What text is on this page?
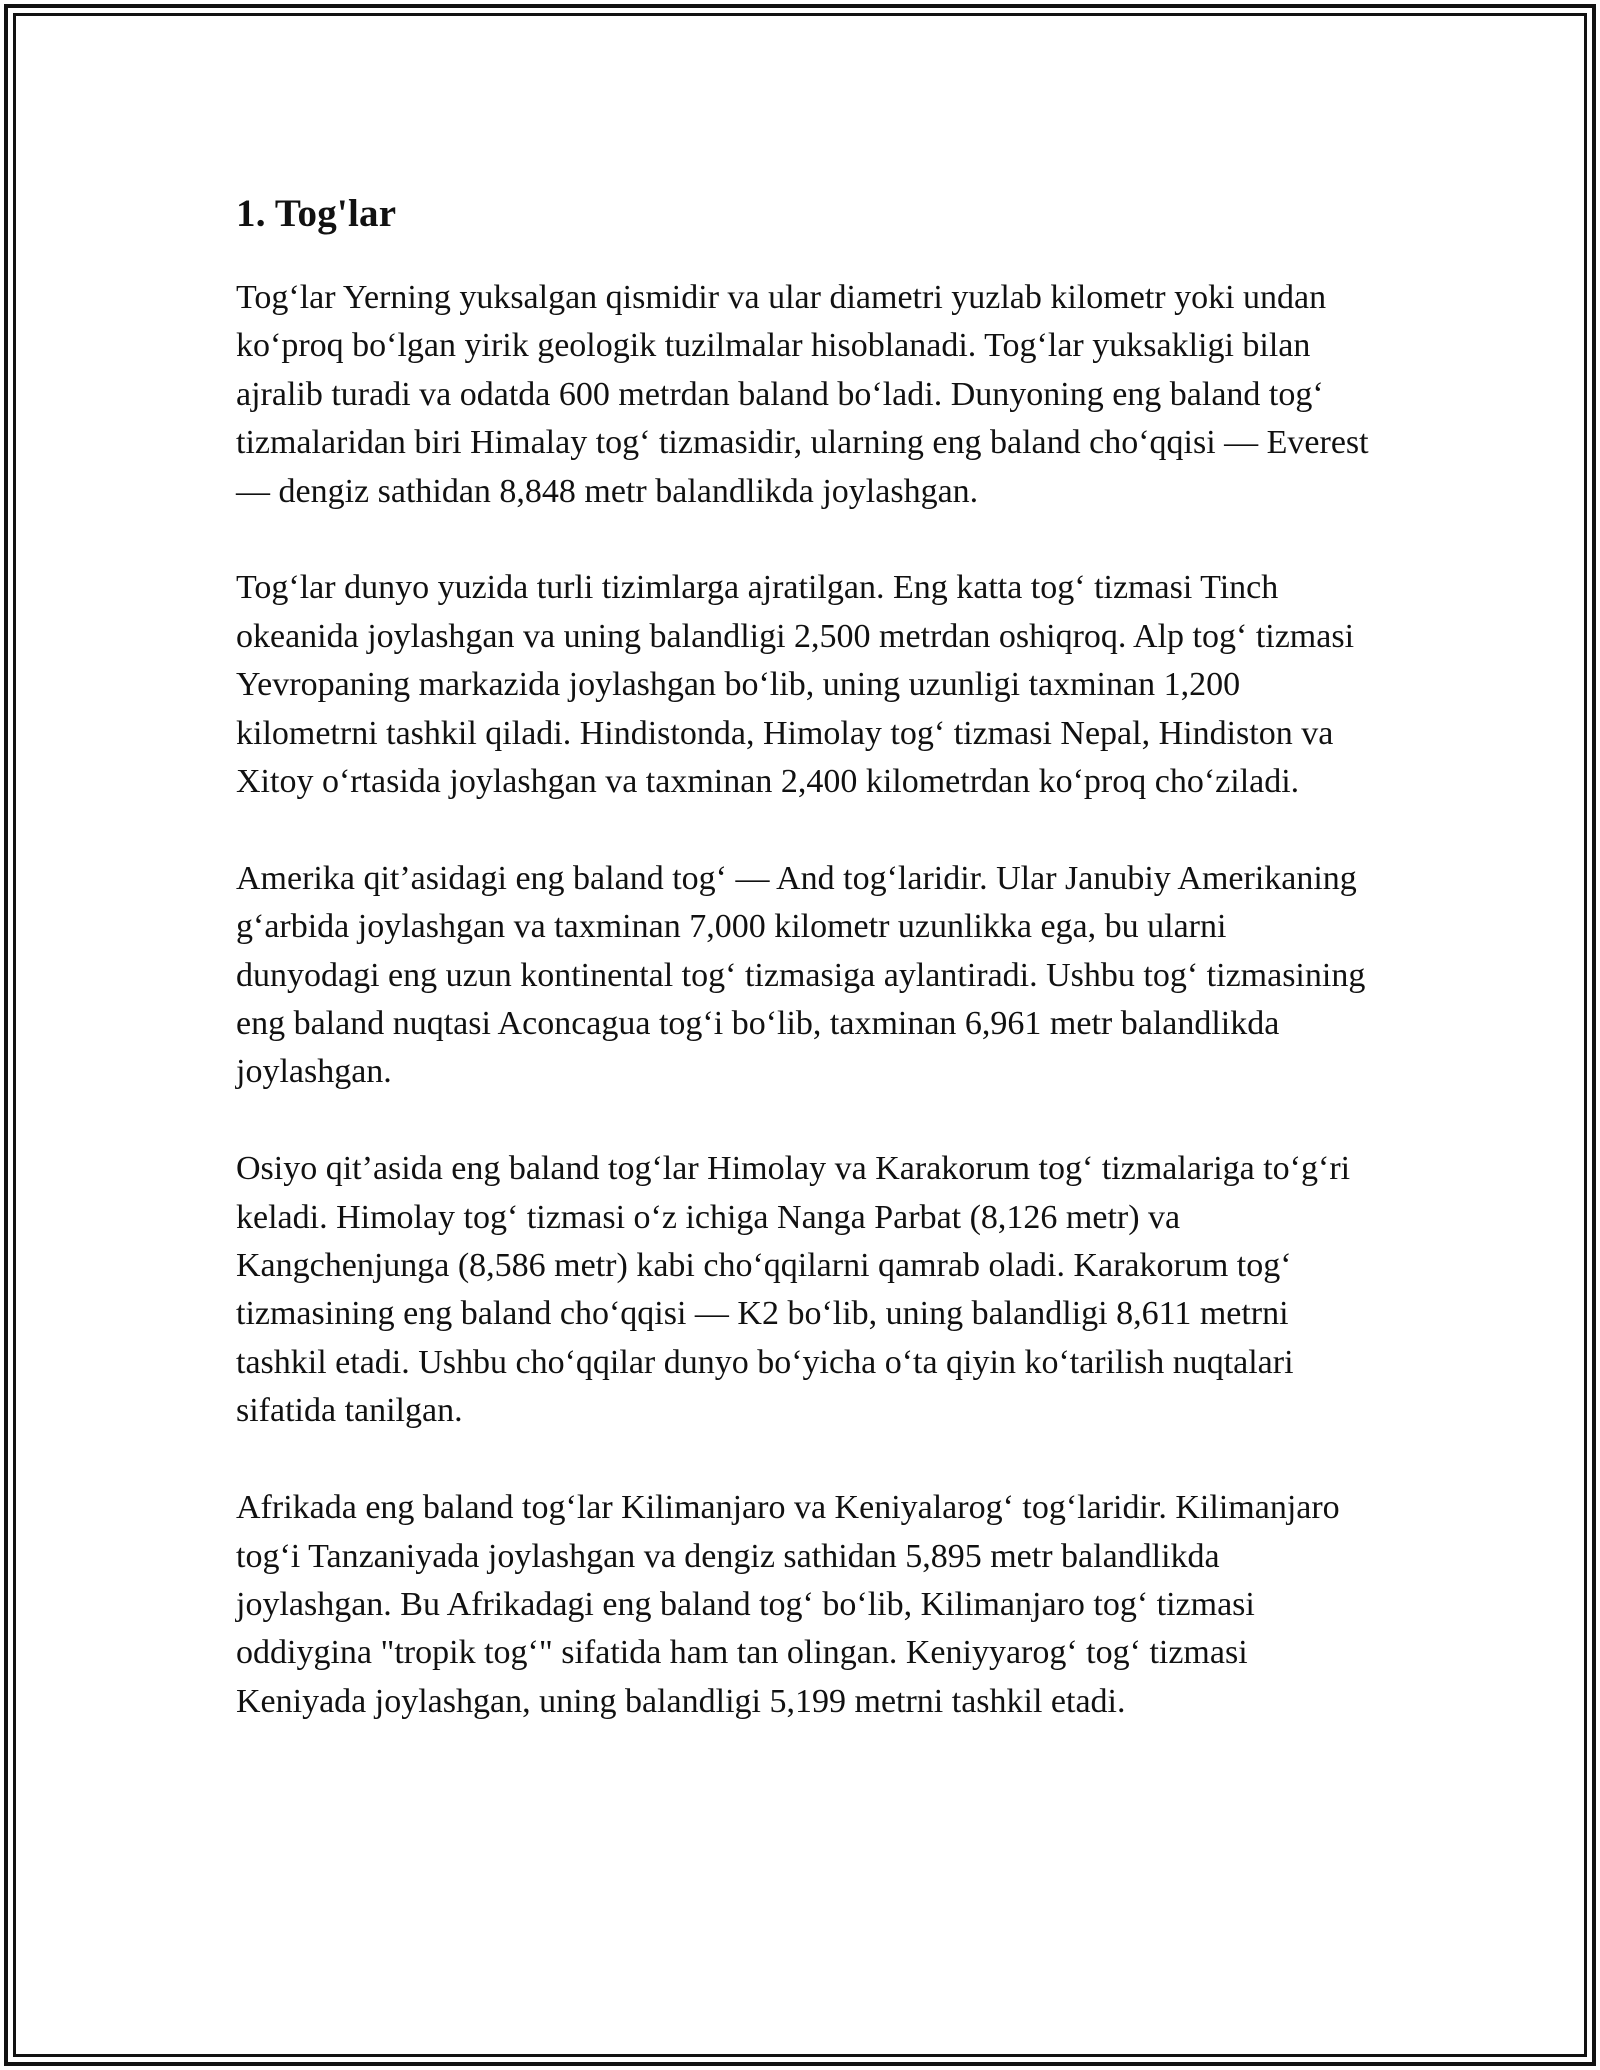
1. Tog'lar

Tog‘lar Yerning yuksalgan qismidir va ular diametri yuzlab kilometr yoki undan ko‘proq bo‘lgan yirik geologik tuzilmalar hisoblanadi. Tog‘lar yuksakligi bilan ajralib turadi va odatda 600 metrdan baland bo‘ladi. Dunyoning eng baland tog‘ tizmalaridan biri Himalay tog‘ tizmasidir, ularning eng baland cho‘qqisi — Everest — dengiz sathidan 8,848 metr balandlikda joylashgan.

Tog‘lar dunyo yuzida turli tizimlarga ajratilgan. Eng katta tog‘ tizmasi Tinch okeanida joylashgan va uning balandligi 2,500 metrdan oshiqroq. Alp tog‘ tizmasi Yevropaning markazida joylashgan bo‘lib, uning uzunligi taxminan 1,200 kilometrni tashkil qiladi. Hindistonda, Himolay tog‘ tizmasi Nepal, Hindiston va Xitoy o‘rtasida joylashgan va taxminan 2,400 kilometrdan ko‘proq cho‘ziladi.

Amerika qit’asidagi eng baland tog‘ — And tog‘laridir. Ular Janubiy Amerikaning g‘arbida joylashgan va taxminan 7,000 kilometr uzunlikka ega, bu ularni dunyodagi eng uzun kontinental tog‘ tizmasiga aylantiradi. Ushbu tog‘ tizmasining eng baland nuqtasi Aconcagua tog‘i bo‘lib, taxminan 6,961 metr balandlikda joylashgan.

Osiyo qit’asida eng baland tog‘lar Himolay va Karakorum tog‘ tizmalariga to‘g‘ri keladi. Himolay tog‘ tizmasi o‘z ichiga Nanga Parbat (8,126 metr) va Kangchenjunga (8,586 metr) kabi cho‘qqilarni qamrab oladi. Karakorum tog‘ tizmasining eng baland cho‘qqisi — K2 bo‘lib, uning balandligi 8,611 metrni tashkil etadi. Ushbu cho‘qqilar dunyo bo‘yicha o‘ta qiyin ko‘tarilish nuqtalari sifatida tanilgan.

Afrikada eng baland tog‘lar Kilimanjaro va Keniyalarog‘ tog‘laridir. Kilimanjaro tog‘i Tanzaniyada joylashgan va dengiz sathidan 5,895 metr balandlikda joylashgan. Bu Afrikadagi eng baland tog‘ bo‘lib, Kilimanjaro tog‘ tizmasi oddiygina "tropik tog‘" sifatida ham tan olingan. Keniyyarog‘ tog‘ tizmasi Keniyada joylashgan, uning balandligi 5,199 metrni tashkil etadi.
